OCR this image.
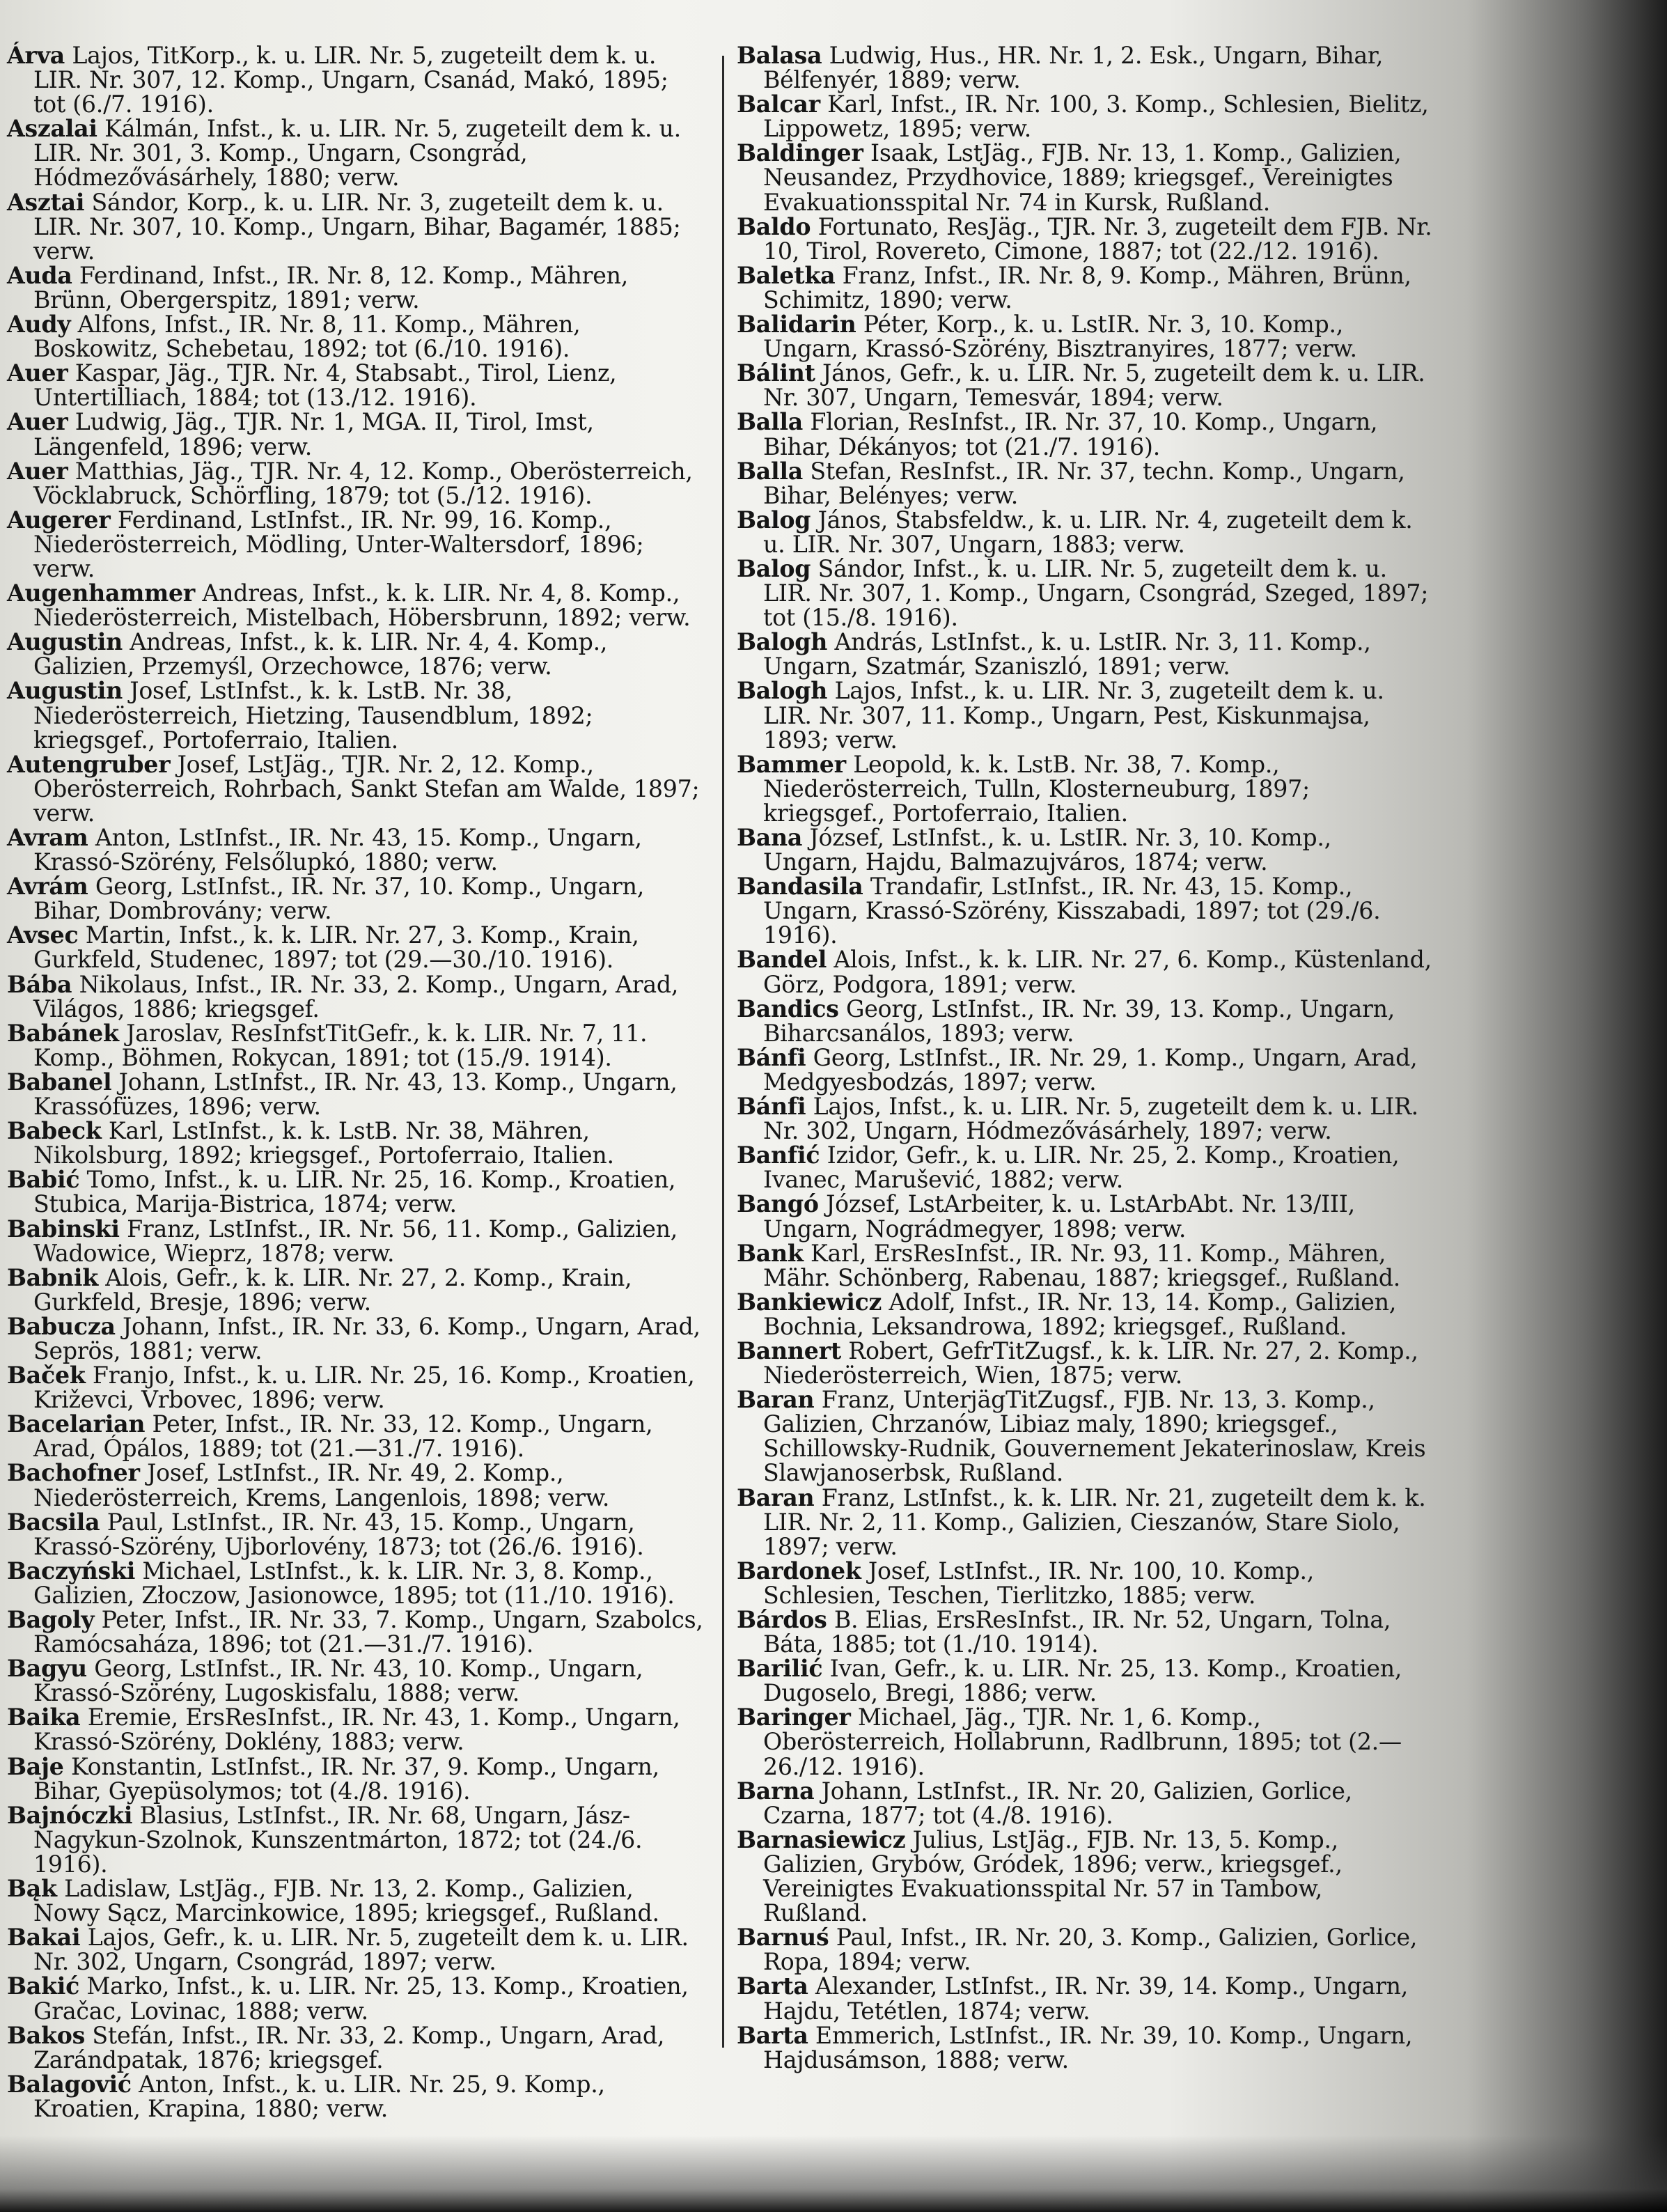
Árva Lajos, TitKorp., k. u. LIR. Nr. 5, zugeteilt dem k. u. LIR. Nr. 307, 12. Komp., Ungarn, Csanád, Makó, 1895; tot (6./7. 1916).

Aszalai Kálmán, Infst., k. u. LIR. Nr. 5, zugeteilt dem k. u. LIR. Nr. 301, 3. Komp., Ungarn, Csongrád, Hódmezővásárhely, 1880; verw.

Asztai Sándor, Korp., k. u. LIR. Nr. 3, zugeteilt dem k. u. LIR. Nr. 307, 10. Komp., Ungarn, Bihar, Bagamér, 1885; verw.

Auda Ferdinand, Infst., IR. Nr. 8, 12. Komp., Mähren, Brünn, Obergerspitz, 1891; verw.

Audy Alfons, Infst., IR. Nr. 8, 11. Komp., Mähren, Boskowitz, Schebetau, 1892; tot (6./10. 1916).

Auer Kaspar, Jäg., TJR. Nr. 4, Stabsabt., Tirol, Lienz, Untertilliach, 1884; tot (13./12. 1916).

Auer Ludwig, Jäg., TJR. Nr. 1, MGA. II, Tirol, Imst, Längenfeld, 1896; verw.

Auer Matthias, Jäg., TJR. Nr. 4, 12. Komp., Oberösterreich, Vöcklabruck, Schörfling, 1879; tot (5./12. 1916).

Augerer Ferdinand, LstInfst., IR. Nr. 99, 16. Komp., Niederösterreich, Mödling, Unter-Waltersdorf, 1896; verw.

Augenhammer Andreas, Infst., k. k. LIR. Nr. 4, 8. Komp., Niederösterreich, Mistelbach, Höbersbrunn, 1892; verw.

Augustin Andreas, Infst., k. k. LIR. Nr. 4, 4. Komp., Galizien, Przemyśl, Orzechowce, 1876; verw.

Augustin Josef, LstInfst., k. k. LstB. Nr. 38, Niederösterreich, Hietzing, Tausendblum, 1892; kriegsgef., Portoferraio, Italien.

Autengruber Josef, LstJäg., TJR. Nr. 2, 12. Komp., Oberösterreich, Rohrbach, Sankt Stefan am Walde, 1897; verw.

Avram Anton, LstInfst., IR. Nr. 43, 15. Komp., Ungarn, Krassó-Szörény, Felsőlupkó, 1880; verw.

Avrám Georg, LstInfst., IR. Nr. 37, 10. Komp., Ungarn, Bihar, Dombrovány; verw.

Avsec Martin, Infst., k. k. LIR. Nr. 27, 3. Komp., Krain, Gurkfeld, Studenec, 1897; tot (29.—30./10. 1916).

Bába Nikolaus, Infst., IR. Nr. 33, 2. Komp., Ungarn, Arad, Világos, 1886; kriegsgef.

Babánek Jaroslav, ResInfstTitGefr., k. k. LIR. Nr. 7, 11. Komp., Böhmen, Rokycan, 1891; tot (15./9. 1914).

Babanel Johann, LstInfst., IR. Nr. 43, 13. Komp., Ungarn, Krassófüzes, 1896; verw.

Babeck Karl, LstInfst., k. k. LstB. Nr. 38, Mähren, Nikolsburg, 1892; kriegsgef., Portoferraio, Italien.

Babić Tomo, Infst., k. u. LIR. Nr. 25, 16. Komp., Kroatien, Stubica, Marija-Bistrica, 1874; verw.

Babinski Franz, LstInfst., IR. Nr. 56, 11. Komp., Galizien, Wadowice, Wieprz, 1878; verw.

Babnik Alois, Gefr., k. k. LIR. Nr. 27, 2. Komp., Krain, Gurkfeld, Bresje, 1896; verw.

Babucza Johann, Infst., IR. Nr. 33, 6. Komp., Ungarn, Arad, Seprös, 1881; verw.

Baček Franjo, Infst., k. u. LIR. Nr. 25, 16. Komp., Kroatien, Križevci, Vrbovec, 1896; verw.

Bacelarian Peter, Infst., IR. Nr. 33, 12. Komp., Ungarn, Arad, Ópálos, 1889; tot (21.—31./7. 1916).

Bachofner Josef, LstInfst., IR. Nr. 49, 2. Komp., Niederösterreich, Krems, Langenlois, 1898; verw.

Bacsila Paul, LstInfst., IR. Nr. 43, 15. Komp., Ungarn, Krassó-Szörény, Ujborlovény, 1873; tot (26./6. 1916).

Baczyński Michael, LstInfst., k. k. LIR. Nr. 3, 8. Komp., Galizien, Złoczow, Jasionowce, 1895; tot (11./10. 1916).

Bagoly Peter, Infst., IR. Nr. 33, 7. Komp., Ungarn, Szabolcs, Ramócsaháza, 1896; tot (21.—31./7. 1916).

Bagyu Georg, LstInfst., IR. Nr. 43, 10. Komp., Ungarn, Krassó-Szörény, Lugoskisfalu, 1888; verw.

Baika Eremie, ErsResInfst., IR. Nr. 43, 1. Komp., Ungarn, Krassó-Szörény, Doklény, 1883; verw.

Baje Konstantin, LstInfst., IR. Nr. 37, 9. Komp., Ungarn, Bihar, Gyepüsolymos; tot (4./8. 1916).

Bajnóczki Blasius, LstInfst., IR. Nr. 68, Ungarn, Jász-Nagykun-Szolnok, Kunszentmárton, 1872; tot (24./6. 1916).

Bąk Ladislaw, LstJäg., FJB. Nr. 13, 2. Komp., Galizien, Nowy Sącz, Marcinkowice, 1895; kriegsgef., Rußland.

Bakai Lajos, Gefr., k. u. LIR. Nr. 5, zugeteilt dem k. u. LIR. Nr. 302, Ungarn, Csongrád, 1897; verw.

Bakić Marko, Infst., k. u. LIR. Nr. 25, 13. Komp., Kroatien, Gračac, Lovinac, 1888; verw.

Bakos Stefán, Infst., IR. Nr. 33, 2. Komp., Ungarn, Arad, Zarándpatak, 1876; kriegsgef.

Balagović Anton, Infst., k. u. LIR. Nr. 25, 9. Komp., Kroatien, Krapina, 1880; verw.

Balasa Ludwig, Hus., HR. Nr. 1, 2. Esk., Ungarn, Bihar, Bélfenyér, 1889; verw.

Balcar Karl, Infst., IR. Nr. 100, 3. Komp., Schlesien, Bielitz, Lippowetz, 1895; verw.

Baldinger Isaak, LstJäg., FJB. Nr. 13, 1. Komp., Galizien, Neusandez, Przydhovice, 1889; kriegsgef., Vereinigtes Evakuationsspital Nr. 74 in Kursk, Rußland.

Baldo Fortunato, ResJäg., TJR. Nr. 3, zugeteilt dem FJB. Nr. 10, Tirol, Rovereto, Cimone, 1887; tot (22./12. 1916).

Baletka Franz, Infst., IR. Nr. 8, 9. Komp., Mähren, Brünn, Schimitz, 1890; verw.

Balidarin Péter, Korp., k. u. LstIR. Nr. 3, 10. Komp., Ungarn, Krassó-Szörény, Bisztranyires, 1877; verw.

Bálint János, Gefr., k. u. LIR. Nr. 5, zugeteilt dem k. u. LIR. Nr. 307, Ungarn, Temesvár, 1894; verw.

Balla Florian, ResInfst., IR. Nr. 37, 10. Komp., Ungarn, Bihar, Dékányos; tot (21./7. 1916).

Balla Stefan, ResInfst., IR. Nr. 37, techn. Komp., Ungarn, Bihar, Belényes; verw.

Balog János, Stabsfeldw., k. u. LIR. Nr. 4, zugeteilt dem k. u. LIR. Nr. 307, Ungarn, 1883; verw.

Balog Sándor, Infst., k. u. LIR. Nr. 5, zugeteilt dem k. u. LIR. Nr. 307, 1. Komp., Ungarn, Csongrád, Szeged, 1897; tot (15./8. 1916).

Balogh András, LstInfst., k. u. LstIR. Nr. 3, 11. Komp., Ungarn, Szatmár, Szaniszló, 1891; verw.

Balogh Lajos, Infst., k. u. LIR. Nr. 3, zugeteilt dem k. u. LIR. Nr. 307, 11. Komp., Ungarn, Pest, Kiskunmajsa, 1893; verw.

Bammer Leopold, k. k. LstB. Nr. 38, 7. Komp., Niederösterreich, Tulln, Klosterneuburg, 1897; kriegsgef., Portoferraio, Italien.

Bana József, LstInfst., k. u. LstIR. Nr. 3, 10. Komp., Ungarn, Hajdu, Balmazujváros, 1874; verw.

Bandasila Trandafir, LstInfst., IR. Nr. 43, 15. Komp., Ungarn, Krassó-Szörény, Kisszabadi, 1897; tot (29./6. 1916).

Bandel Alois, Infst., k. k. LIR. Nr. 27, 6. Komp., Küstenland, Görz, Podgora, 1891; verw.

Bandics Georg, LstInfst., IR. Nr. 39, 13. Komp., Ungarn, Biharcsanálos, 1893; verw.

Bánfi Georg, LstInfst., IR. Nr. 29, 1. Komp., Ungarn, Arad, Medgyesbodzás, 1897; verw.

Bánfi Lajos, Infst., k. u. LIR. Nr. 5, zugeteilt dem k. u. LIR. Nr. 302, Ungarn, Hódmezővásárhely, 1897; verw.

Banfić Izidor, Gefr., k. u. LIR. Nr. 25, 2. Komp., Kroatien, Ivanec, Marušević, 1882; verw.

Bangó József, LstArbeiter, k. u. LstArbAbt. Nr. 13/III, Ungarn, Nográdmegyer, 1898; verw.

Bank Karl, ErsResInfst., IR. Nr. 93, 11. Komp., Mähren, Mähr. Schönberg, Rabenau, 1887; kriegsgef., Rußland.

Bankiewicz Adolf, Infst., IR. Nr. 13, 14. Komp., Galizien, Bochnia, Leksandrowa, 1892; kriegsgef., Rußland.

Bannert Robert, GefrTitZugsf., k. k. LIR. Nr. 27, 2. Komp., Niederösterreich, Wien, 1875; verw.

Baran Franz, UnterjägTitZugsf., FJB. Nr. 13, 3. Komp., Galizien, Chrzanów, Libiaz maly, 1890; kriegsgef., Schillowsky-Rudnik, Gouvernement Jekaterinoslaw, Kreis Slawjanoserbsk, Rußland.

Baran Franz, LstInfst., k. k. LIR. Nr. 21, zugeteilt dem k. k. LIR. Nr. 2, 11. Komp., Galizien, Cieszanów, Stare Siolo, 1897; verw.

Bardonek Josef, LstInfst., IR. Nr. 100, 10. Komp., Schlesien, Teschen, Tierlitzko, 1885; verw.

Bárdos B. Elias, ErsResInfst., IR. Nr. 52, Ungarn, Tolna, Báta, 1885; tot (1./10. 1914).

Barilić Ivan, Gefr., k. u. LIR. Nr. 25, 13. Komp., Kroatien, Dugoselo, Bregi, 1886; verw.

Baringer Michael, Jäg., TJR. Nr. 1, 6. Komp., Oberösterreich, Hollabrunn, Radlbrunn, 1895; tot (2.—26./12. 1916).

Barna Johann, LstInfst., IR. Nr. 20, Galizien, Gorlice, Czarna, 1877; tot (4./8. 1916).

Barnasiewicz Julius, LstJäg., FJB. Nr. 13, 5. Komp., Galizien, Grybów, Gródek, 1896; verw., kriegsgef., Vereinigtes Evakuationsspital Nr. 57 in Tambow, Rußland.

Barnuś Paul, Infst., IR. Nr. 20, 3. Komp., Galizien, Gorlice, Ropa, 1894; verw.

Barta Alexander, LstInfst., IR. Nr. 39, 14. Komp., Ungarn, Hajdu, Tetétlen, 1874; verw.

Barta Emmerich, LstInfst., IR. Nr. 39, 10. Komp., Ungarn, Hajdusámson, 1888; verw.
